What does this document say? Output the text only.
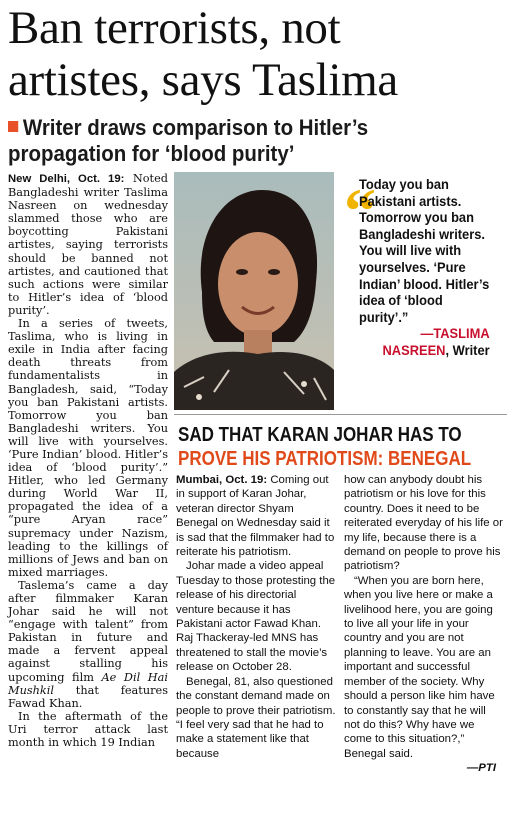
Ban terrorists, not
artistes, says Taslima
Writer draws comparison to Hitler’s
propagation for ‘blood purity’

New Delhi, Oct. 19: Noted Bangladeshi writer Taslima Nasreen on wednesday slammed those who are boycotting Pakistani artistes, saying terrorists should be banned not artistes, and cautioned that such actions were similar to Hitler’s idea of ‘blood purity’.

In a series of tweets, Taslima, who is living in exile in India after facing death threats from fundamentalists in Bangladesh, said, “Today you ban Pakistani artists. Tomorrow you ban Bangladeshi writers. You will live with yourselves. ‘Pure Indian’ blood. Hitler’s idea of ‘blood purity’.” Hitler, who led Germany during World War II, propagated the idea of a “pure Aryan race” supremacy under Nazism, leading to the killings of millions of Jews and ban on mixed marriages.

Taslema’s came a day after filmmaker Karan Johar said he will not “engage with talent” from Pakistan in future and made a fervent appeal against stalling his upcoming film Ae Dil Hai Mushkil that features Fawad Khan.

In the aftermath of the Uri terror attack last month in which 19 Indian

“
Today you ban Pakistani artists. Tomorrow you ban Bangladeshi writers. You will live with yourselves. ‘Pure Indian’ blood. Hitler’s idea of ‘blood purity’.”
—TASLIMA NASREEN, Writer
SAD THAT KARAN JOHAR HAS TO
PROVE HIS PATRIOTISM: BENEGAL

Mumbai, Oct. 19: Coming out in support of Karan Johar, veteran director Shyam Benegal on Wednesday said it is sad that the filmmaker had to reiterate his patriotism.

Johar made a video appeal Tuesday to those protesting the release of his directorial venture because it has Pakistani actor Fawad Khan. Raj Thackeray-led MNS has threatened to stall the movie’s release on October 28.

Benegal, 81, also questioned the constant demand made on people to prove their patriotism. “I feel very sad that he had to make a statement like that because

how can anybody doubt his patriotism or his love for this country. Does it need to be reiterated everyday of his life or my life, because there is a demand on people to prove his patriotism?

“When you are born here, when you live here or make a livelihood here, you are going to live all your life in your country and you are not planning to leave. You are an important and successful member of the society. Why should a person like him have to constantly say that he will not do this? Why have we come to this situation?,” Benegal said.

—PTI
